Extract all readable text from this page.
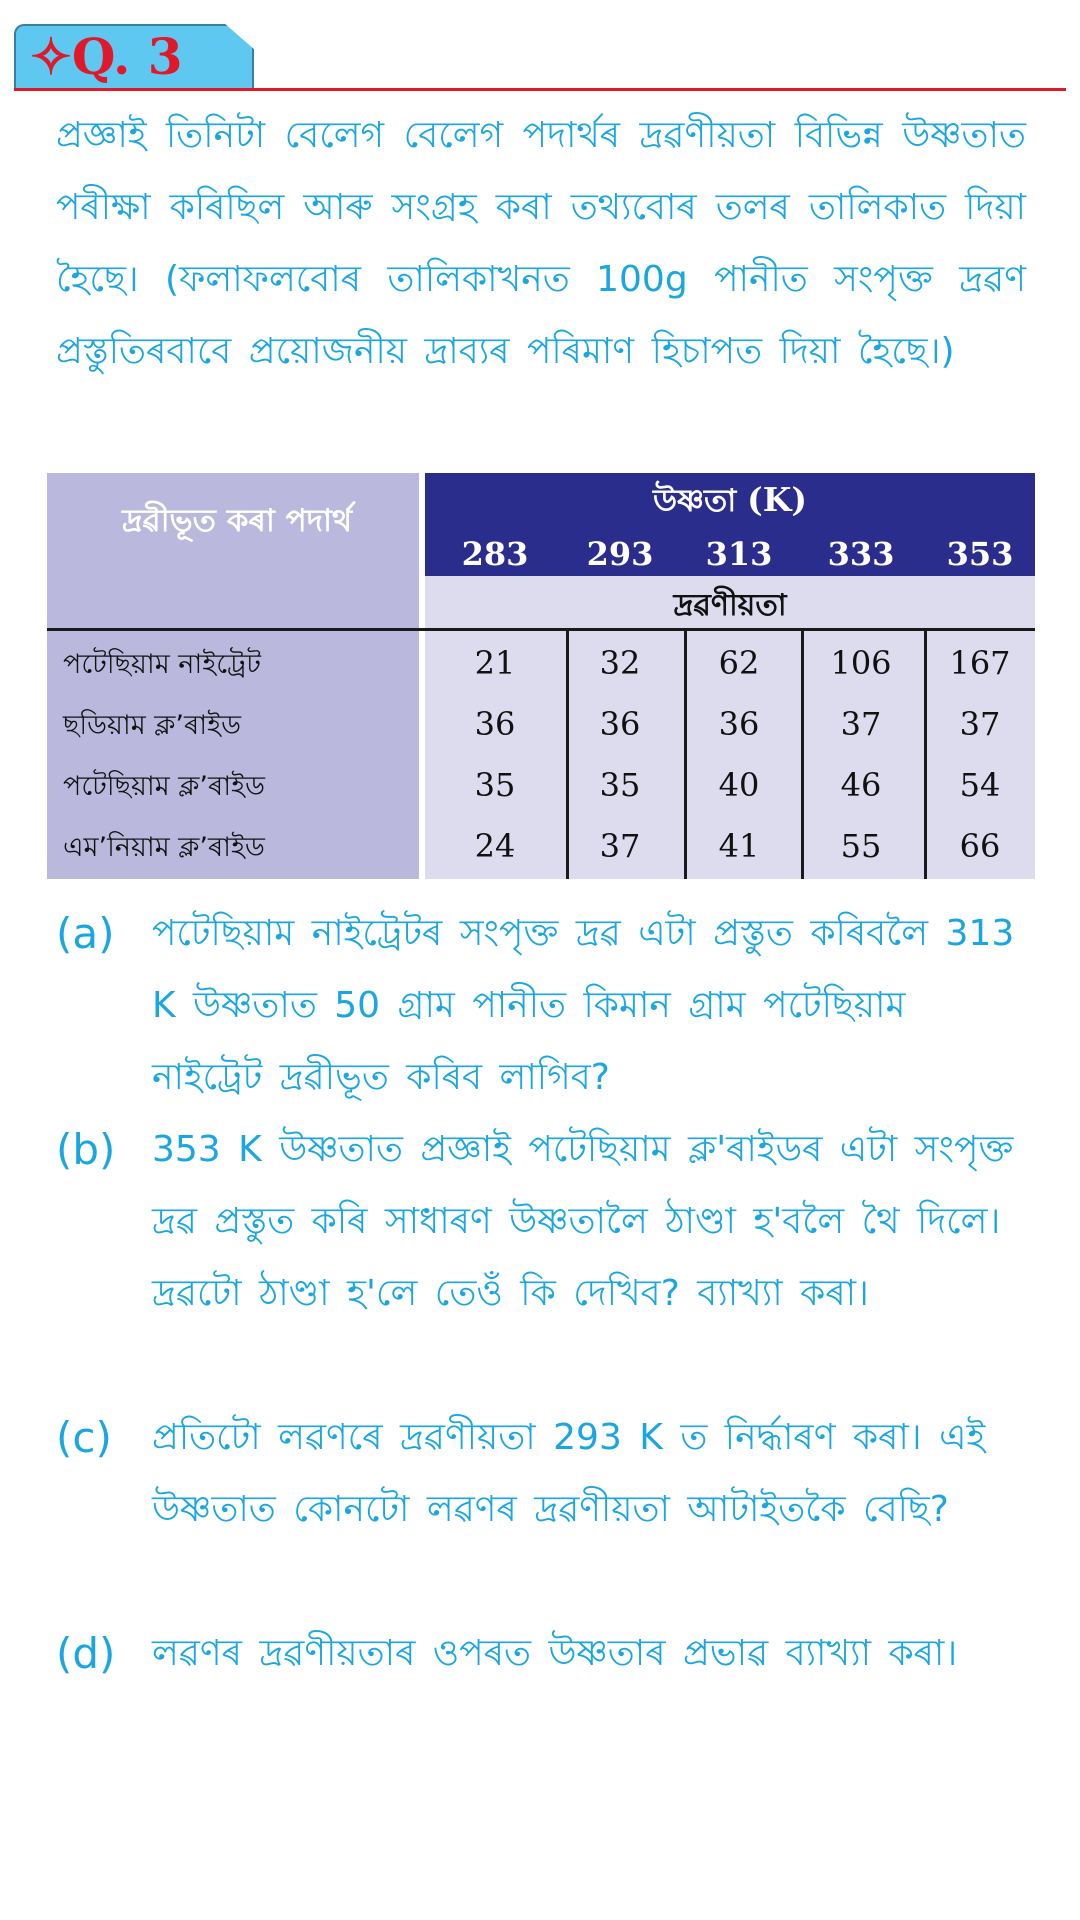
✧Q. 3
প্ৰজ্ঞাই তিনিটা বেলেগ বেলেগ পদাৰ্থৰ দ্ৰৱণীয়তা বিভিন্ন উষ্ণতাত পৰীক্ষা কৰিছিল আৰু সংগ্ৰহ কৰা তথ্যবোৰ তলৰ তালিকাত দিয়া হৈছে। (ফলাফলবোৰ তালিকাখনত 100g পানীত সংপৃক্ত দ্ৰৱণ প্ৰস্তুতিৰবাবে প্ৰয়োজনীয় দ্ৰাব্যৰ পৰিমাণ হিচাপত দিয়া হৈছে।)
দ্ৰৱীভূত কৰা পদাৰ্থ
উষ্ণতা (K)
283	293	313	333	353
দ্ৰৱণীয়তা
পটেছিয়াম নাইট্ৰেট	21	32	62	106	167
ছডিয়াম ক্ল’ৰাইড	36	36	36	37	37
পটেছিয়াম ক্ল’ৰাইড	35	35	40	46	54
এম’নিয়াম ক্ল’ৰাইড	24	37	41	55	66
(a) পটেছিয়াম নাইট্ৰেটৰ সংপৃক্ত দ্ৰৱ এটা প্ৰস্তুত কৰিবলৈ 313 K উষ্ণতাত 50 গ্ৰাম পানীত কিমান গ্ৰাম পটেছিয়াম নাইট্ৰেট দ্ৰৱীভূত কৰিব লাগিব?
(b) 353 K উষ্ণতাত প্ৰজ্ঞাই পটেছিয়াম ক্ল'ৰাইডৰ এটা সংপৃক্ত দ্ৰৱ প্ৰস্তুত কৰি সাধাৰণ উষ্ণতালৈ ঠাণ্ডা হ'বলৈ থৈ দিলে। দ্ৰৱটো ঠাণ্ডা হ'লে তেওঁ কি দেখিব? ব্যাখ্যা কৰা।
(c) প্ৰতিটো লৱণৰে দ্ৰৱণীয়তা 293 K ত নিৰ্দ্ধাৰণ কৰা। এই উষ্ণতাত কোনটো লৱণৰ দ্ৰৱণীয়তা আটাইতকৈ বেছি?
(d) লৱণৰ দ্ৰৱণীয়তাৰ ওপৰত উষ্ণতাৰ প্ৰভাৱ ব্যাখ্যা কৰা।
